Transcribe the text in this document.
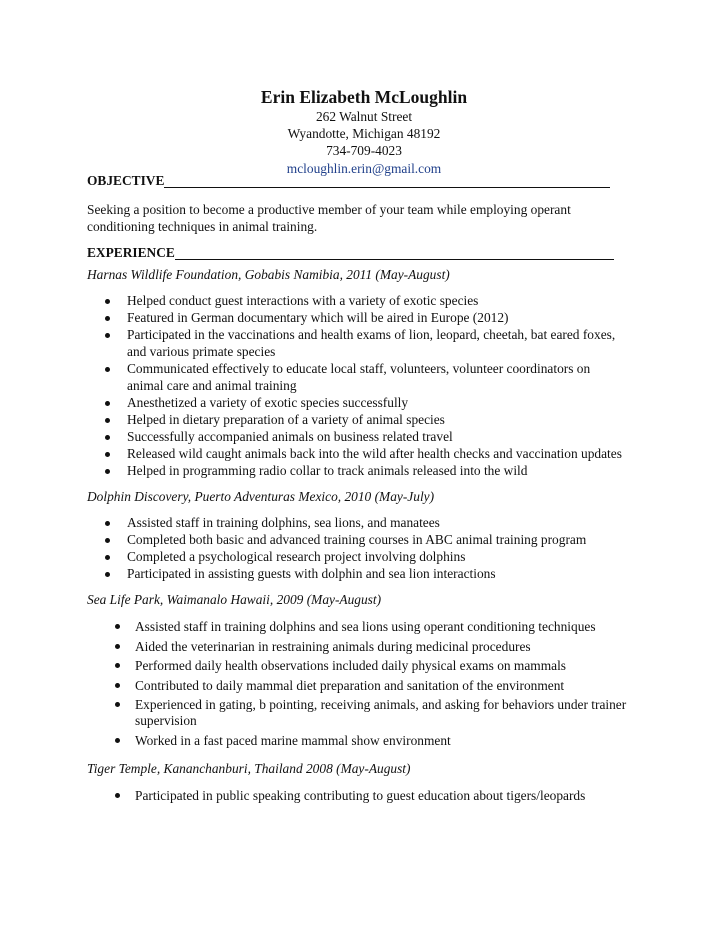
Erin Elizabeth McLoughlin
262 Walnut Street
Wyandotte, Michigan 48192
734-709-4023
mcloughlin.erin@gmail.com
OBJECTIVE
Seeking a position to become a productive member of your team while employing operant conditioning techniques in animal training.
EXPERIENCE
Harnas Wildlife Foundation, Gobabis Namibia, 2011 (May-August)
Helped conduct guest interactions with a variety of exotic species
Featured in German documentary which will be aired in Europe (2012)
Participated in the vaccinations and health exams of lion, leopard, cheetah, bat eared foxes, and various primate species
Communicated effectively to educate local staff, volunteers, volunteer coordinators on animal care and animal training
Anesthetized a variety of exotic species successfully
Helped in dietary preparation of a variety of animal species
Successfully accompanied animals on business related travel
Released wild caught animals back into the wild after health checks and vaccination updates
Helped in programming radio collar to track animals released into the wild
Dolphin Discovery, Puerto Adventuras Mexico, 2010 (May-July)
Assisted staff in training dolphins, sea lions, and manatees
Completed both basic and advanced training courses in ABC animal training program
Completed a psychological research project involving dolphins
Participated in assisting guests with dolphin and sea lion interactions
Sea Life Park, Waimanalo Hawaii, 2009 (May-August)
Assisted staff in training dolphins and sea lions using operant conditioning techniques
Aided the veterinarian in restraining animals during medicinal procedures
Performed daily health observations included daily physical exams on mammals
Contributed to daily mammal diet preparation and sanitation of the environment
Experienced in gating, b pointing, receiving animals, and asking for behaviors under trainer supervision
Worked in a fast paced marine mammal show environment
Tiger Temple, Kananchanburi, Thailand 2008 (May-August)
Participated in public speaking contributing to guest education about tigers/leopards
